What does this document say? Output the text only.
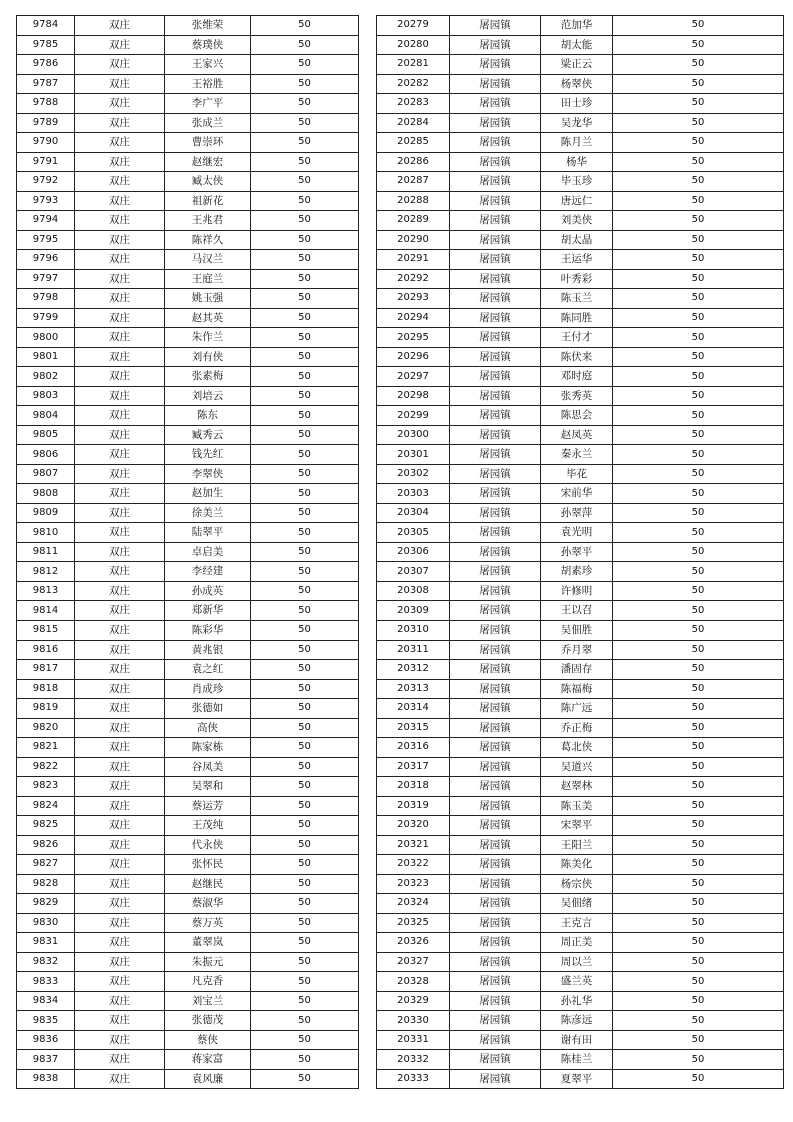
9784	双庄	张维荣	50
9785	双庄	蔡璞侠	50
9786	双庄	王家兴	50
9787	双庄	王裕胜	50
9788	双庄	李广平	50
9789	双庄	张成兰	50
9790	双庄	曹崇环	50
9791	双庄	赵继宏	50
9792	双庄	臧太侠	50
9793	双庄	祖新花	50
9794	双庄	王兆君	50
9795	双庄	陈祥久	50
9796	双庄	马汉兰	50
9797	双庄	王庭兰	50
9798	双庄	姚玉强	50
9799	双庄	赵其英	50
9800	双庄	朱作兰	50
9801	双庄	刘有侠	50
9802	双庄	张素梅	50
9803	双庄	刘培云	50
9804	双庄	陈东	50
9805	双庄	臧秀云	50
9806	双庄	钱先红	50
9807	双庄	李翠侠	50
9808	双庄	赵加生	50
9809	双庄	徐美兰	50
9810	双庄	陆翠平	50
9811	双庄	卓启美	50
9812	双庄	李经建	50
9813	双庄	孙成英	50
9814	双庄	郑新华	50
9815	双庄	陈彩华	50
9816	双庄	黄兆银	50
9817	双庄	袁之红	50
9818	双庄	肖成珍	50
9819	双庄	张德如	50
9820	双庄	高侠	50
9821	双庄	陈家栋	50
9822	双庄	谷凤美	50
9823	双庄	吴翠和	50
9824	双庄	蔡运芳	50
9825	双庄	王茂纯	50
9826	双庄	代永侠	50
9827	双庄	张怀民	50
9828	双庄	赵继民	50
9829	双庄	蔡淑华	50
9830	双庄	蔡万英	50
9831	双庄	董翠岚	50
9832	双庄	朱振元	50
9833	双庄	凡克香	50
9834	双庄	刘宝兰	50
9835	双庄	张德茂	50
9836	双庄	蔡侠	50
9837	双庄	蒋家富	50
9838	双庄	袁风廉	50
20279	屠园镇	范加华	50
20280	屠园镇	胡太能	50
20281	屠园镇	梁正云	50
20282	屠园镇	杨翠侠	50
20283	屠园镇	田士珍	50
20284	屠园镇	吴龙华	50
20285	屠园镇	陈月兰	50
20286	屠园镇	杨华	50
20287	屠园镇	毕玉珍	50
20288	屠园镇	唐远仁	50
20289	屠园镇	刘美侠	50
20290	屠园镇	胡太晶	50
20291	屠园镇	王运华	50
20292	屠园镇	叶秀彩	50
20293	屠园镇	陈玉兰	50
20294	屠园镇	陈同胜	50
20295	屠园镇	王付才	50
20296	屠园镇	陈伏来	50
20297	屠园镇	邓时庭	50
20298	屠园镇	张秀英	50
20299	屠园镇	陈思会	50
20300	屠园镇	赵凤英	50
20301	屠园镇	秦永兰	50
20302	屠园镇	毕花	50
20303	屠园镇	宋前华	50
20304	屠园镇	孙翠萍	50
20305	屠园镇	袁光明	50
20306	屠园镇	孙翠平	50
20307	屠园镇	胡素珍	50
20308	屠园镇	许修明	50
20309	屠园镇	王以召	50
20310	屠园镇	吴佃胜	50
20311	屠园镇	乔月翠	50
20312	屠园镇	潘固存	50
20313	屠园镇	陈福梅	50
20314	屠园镇	陈广远	50
20315	屠园镇	乔正梅	50
20316	屠园镇	葛北侠	50
20317	屠园镇	吴道兴	50
20318	屠园镇	赵翠林	50
20319	屠园镇	陈玉美	50
20320	屠园镇	宋翠平	50
20321	屠园镇	王阳兰	50
20322	屠园镇	陈美化	50
20323	屠园镇	杨宗侠	50
20324	屠园镇	吴佃绪	50
20325	屠园镇	王克言	50
20326	屠园镇	周正美	50
20327	屠园镇	周以兰	50
20328	屠园镇	盛兰英	50
20329	屠园镇	孙礼华	50
20330	屠园镇	陈彦远	50
20331	屠园镇	谢有田	50
20332	屠园镇	陈桂兰	50
20333	屠园镇	夏翠平	50
